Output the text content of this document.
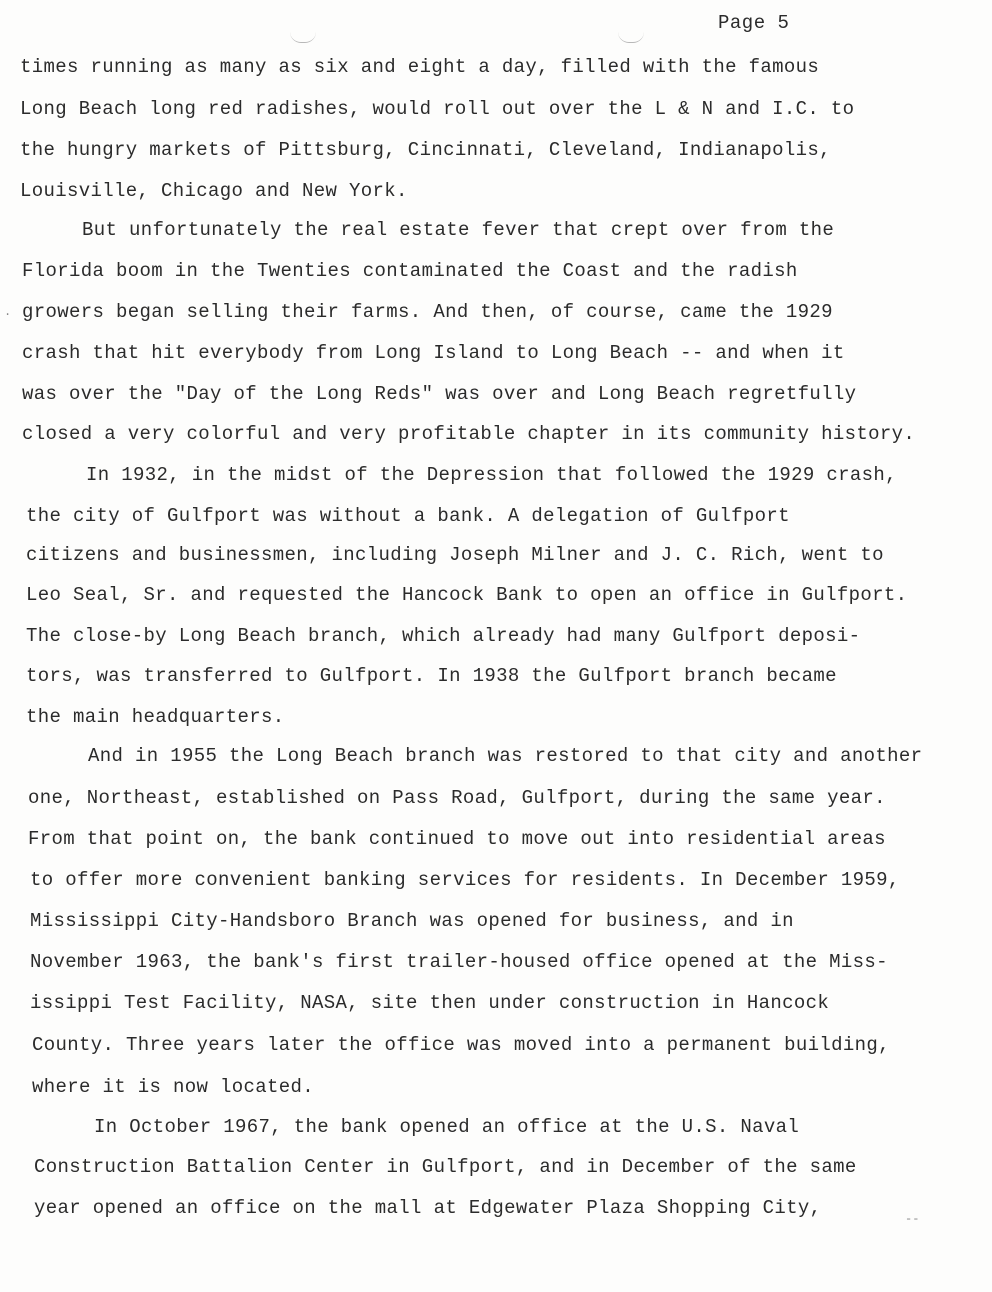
Page 5
.
--
times running as many as six and eight a day, filled with the famous
Long Beach long red radishes, would roll out over the L & N and I.C. to
the hungry markets of Pittsburg, Cincinnati, Cleveland, Indianapolis,
Louisville, Chicago and New York.
But unfortunately the real estate fever that crept over from the
Florida boom in the Twenties contaminated the Coast and the radish
growers began selling their farms. And then, of course, came the 1929
crash that hit everybody from Long Island to Long Beach -- and when it
was over the "Day of the Long Reds" was over and Long Beach regretfully
closed a very colorful and very profitable chapter in its community history.
In 1932, in the midst of the Depression that followed the 1929 crash,
the city of Gulfport was without a bank. A delegation of Gulfport
citizens and businessmen, including Joseph Milner and J. C. Rich, went to
Leo Seal, Sr. and requested the Hancock Bank to open an office in Gulfport.
The close-by Long Beach branch, which already had many Gulfport deposi-
tors, was transferred to Gulfport. In 1938 the Gulfport branch became
the main headquarters.
And in 1955 the Long Beach branch was restored to that city and another
one, Northeast, established on Pass Road, Gulfport, during the same year.
From that point on, the bank continued to move out into residential areas
to offer more convenient banking services for residents. In December 1959,
Mississippi City-Handsboro Branch was opened for business, and in
November 1963, the bank's first trailer-housed office opened at the Miss-
issippi Test Facility, NASA, site then under construction in Hancock
County. Three years later the office was moved into a permanent building,
where it is now located.
In October 1967, the bank opened an office at the U.S. Naval
Construction Battalion Center in Gulfport, and in December of the same
year opened an office on the mall at Edgewater Plaza Shopping City,
